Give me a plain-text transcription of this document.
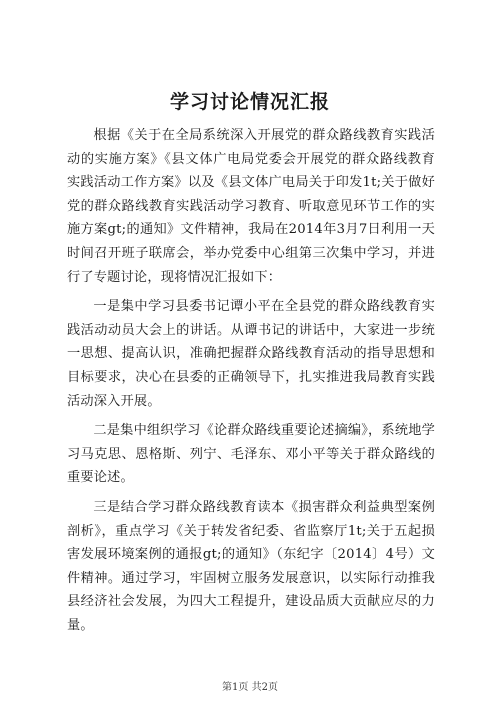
学习讨论情况汇报

根据《关于在全局系统深入开展党的群众路线教育实践活动的实施方案》《县文体广电局党委会开展党的群众路线教育实践活动工作方案》以及《县文体广电局关于印发1t;关于做好党的群众路线教育实践活动学习教育、听取意见环节工作的实施方案gt;的通知》文件精神，我局在2014年3月7日利用一天时间召开班子联席会，举办党委中心组第三次集中学习，并进行了专题讨论，现将情况汇报如下：

一是集中学习县委书记谭小平在全县党的群众路线教育实践活动动员大会上的讲话。从谭书记的讲话中，大家进一步统一思想、提高认识，准确把握群众路线教育活动的指导思想和目标要求，决心在县委的正确领导下，扎实推进我局教育实践活动深入开展。

二是集中组织学习《论群众路线重要论述摘编》，系统地学习马克思、恩格斯、列宁、毛泽东、邓小平等关于群众路线的重要论述。

三是结合学习群众路线教育读本《损害群众利益典型案例剖析》，重点学习《关于转发省纪委、省监察厅1t;关于五起损害发展环境案例的通报gt;的通知》（东纪字〔2014〕4号）文件精神。通过学习，牢固树立服务发展意识，以实际行动推我县经济社会发展，为四大工程提升，建设品质大贡献应尽的力量。

第1页 共2页
